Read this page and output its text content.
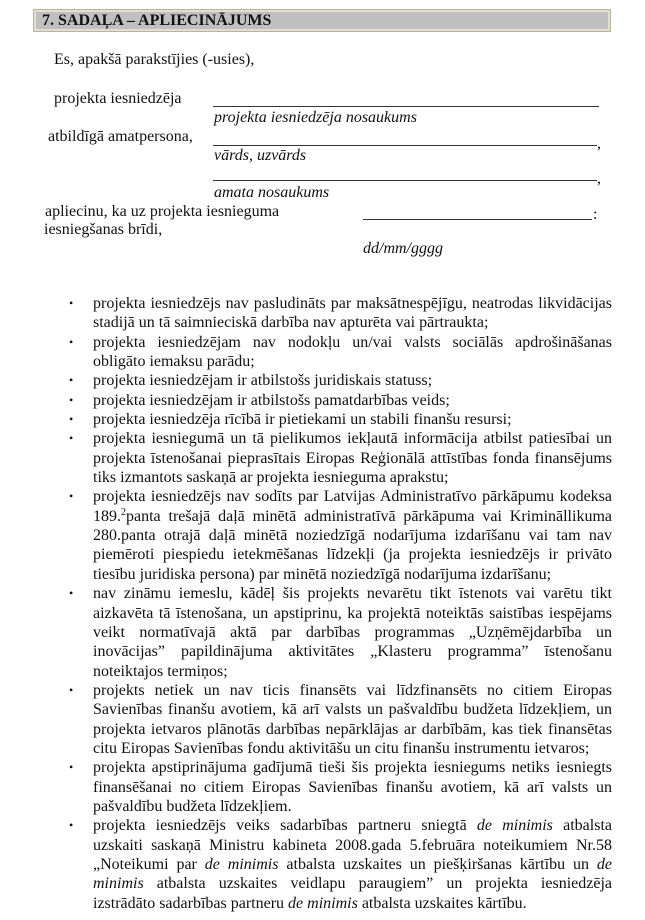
7. SADAĻA – APLIECINĀJUMS
Es, apakšā parakstījies (-usies),
projekta iesniedzēja
projekta iesniedzēja nosaukums
atbildīgā amatpersona,	,
vārds, uzvārds
,
amata nosaukums
apliecinu, ka uz projekta iesnieguma
iesniegšanas brīdi,
:
dd/mm/gggg
• projekta iesniedzējs nav pasludināts par maksātnespējīgu, neatrodas likvidācijas stadijā un tā saimnieciskā darbība nav apturēta vai pārtraukta;
• projekta iesniedzējam nav nodokļu un/vai valsts sociālās apdrošināšanas obligāto iemaksu parādu;
• projekta iesniedzējam ir atbilstošs juridiskais statuss;
• projekta iesniedzējam ir atbilstošs pamatdarbības veids;
• projekta iesniedzēja rīcībā ir pietiekami un stabili finanšu resursi;
• projekta iesniegumā un tā pielikumos iekļautā informācija atbilst patiesībai un projekta īstenošanai pieprasītais Eiropas Reģionālā attīstības fonda finansējums tiks izmantots saskaņā ar projekta iesnieguma aprakstu;
• projekta iesniedzējs nav sodīts par Latvijas Administratīvo pārkāpumu kodeksa 189.$^2$panta trešajā daļā minētā administratīvā pārkāpuma vai Krimināllikuma 280.panta otrajā daļā minētā noziedzīgā nodarījuma izdarīšanu vai tam nav piemēroti piespiedu ietekmēšanas līdzekļi (ja projekta iesniedzējs ir privāto tiesību juridiska persona) par minētā noziedzīgā nodarījuma izdarīšanu;
• nav zināmu iemeslu, kādēļ šis projekts nevarētu tikt īstenots vai varētu tikt aizkavēta tā īstenošana, un apstiprinu, ka projektā noteiktās saistības iespējams veikt normatīvajā aktā par darbības programmas „Uzņēmējdarbība un inovācijas” papildinājuma aktivitātes „Klasteru programma” īstenošanu noteiktajos termiņos;
• projekts netiek un nav ticis finansēts vai līdzfinansēts no citiem Eiropas Savienības finanšu avotiem, kā arī valsts un pašvaldību budžeta līdzekļiem, un projekta ietvaros plānotās darbības nepārklājas ar darbībām, kas tiek finansētas citu Eiropas Savienības fondu aktivitāšu un citu finanšu instrumentu ietvaros;
• projekta apstiprinājuma gadījumā tieši šis projekta iesniegums netiks iesniegts finansēšanai no citiem Eiropas Savienības finanšu avotiem, kā arī valsts un pašvaldību budžeta līdzekļiem.
• projekta iesniedzējs veiks sadarbības partneru sniegtā de minimis atbalsta uzskaiti saskaņā Ministru kabineta 2008.gada 5.februāra noteikumiem Nr.58 „Noteikumi par de minimis atbalsta uzskaites un piešķiršanas kārtību un de minimis atbalsta uzskaites veidlapu paraugiem” un projekta iesniedzēja izstrādāto sadarbības partneru de minimis atbalsta uzskaites kārtību.
